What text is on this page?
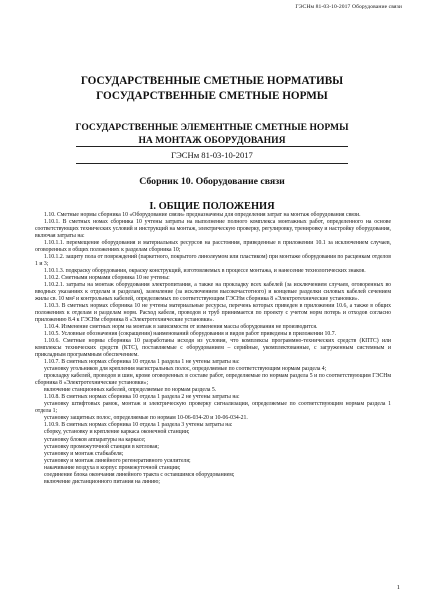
ГЭСНм 81-03-10-2017 Оборудование связи
ГОСУДАРСТВЕННЫЕ СМЕТНЫЕ НОРМАТИВЫ
ГОСУДАРСТВЕННЫЕ СМЕТНЫЕ НОРМЫ
ГОСУДАРСТВЕННЫЕ ЭЛЕМЕНТНЫЕ СМЕТНЫЕ НОРМЫ
НА МОНТАЖ ОБОРУДОВАНИЯ
ГЭСНм 81-03-10-2017
Сборник 10. Оборудование связи
I. ОБЩИЕ ПОЛОЖЕНИЯ

1.10. Сметные нормы сборника 10 «Оборудование связи» предназначены для определения затрат на монтаж оборудования связи.

1.10.1. В сметных номах сборника 10 учтены затраты на выполнение полного комплекса монтажных работ, определенного на основе соответствующих технических условий и инструкций на монтаж, электрическую проверку, регулировку, тренировку и настройку оборудования, включая затраты на:

1.10.1.1. перемещение оборудования и материальных ресурсов на расстояния, приведенные в приложении 10.1 за исключением случаев, оговоренных в общих положениях к разделам сборника 10;

1.10.1.2. защиту пола от повреждений (паркетного, покрытого линолеумом или пластиком) при монтаже оборудования по расценкам отделов 1 и 3;

1.10.1.3. подкраску оборудования, окраску конструкций, изготовляемых в процессе монтажа, и нанесение технологических знаков.

1.10.2. Сметными нормами сборника 10 не учтены:

1.10.2.1. затраты на монтаж оборудования электропитания, а также на прокладку всех кабелей (за исключением случаев, оговоренных во вводных указаниях к отделам и разделам), заземление (за исключением высокочастотного) и концевые разделки силовых кабелей сечением жилы св. 10 мм² и контрольных кабелей, определяемых по соответствующим ГЭСНм сборника 8 «Электротехнические установки».

1.10.3. В сметных нормах сборника 10 не учтены материальные ресурсы, перечень которых приведен в приложении 10.6, а также в общих положениях к отделам и разделам норм. Расход кабеля, проводов и труб принимается по проекту с учетом норм потерь и отходов согласно приложению 8.4 к ГЭСНм сборника 8 «Электротехнические установки».

1.10.4. Изменение сметных норм на монтаж в зависимости от изменения массы оборудования не производится.

1.10.5. Условные обозначения (сокращения) наименований оборудования и видов работ приведены в приложении 10.7.

1.10.6. Сметные нормы сборника 10 разработаны исходя из условия, что комплексы программно-технических средств (КПТС) или комплексы технических средств (КТС), поставляемые с оборудованием – серийные, укомплектованные, с загруженным системным и прикладным программным обеспечением.

1.10.7. В сметных нормах сборника 10 отдела 1 раздела 1 не учтены затраты на:

установку угольников для крепления магистральных полос, определяемые по соответствующим нормам раздела 4;

прокладку кабелей, проводов и шин, кроме оговоренных в составе работ, определяемые по нормам раздела 5 и по соответствующим ГЭСНм сборника 8 «Электротехнические установки»;

включение станционных кабелей, определяемые по нормам раздела 5.

1.10.8. В сметных нормах сборника 10 отдела 1 раздела 2 не учтены затраты на:

установку штифтовых рамок, монтаж и электрическую проверку сигнализации, определяемые по соответствующим нормам раздела 1 отдела 1;

установку защитных полос, определяемые по нормам 10-06-034-20 и 10-06-034-21.

1.10.9. В сметных нормах сборника 10 отдела 1 раздела 3 учтены затраты на:

сборку, установку и крепление каркаса оконечной станции;

установку блоков аппаратуры на каркасе;

установку промежуточной станции в котловая;

установку и монтаж стабкабеля;

установку и монтаж линейного регенеративного усилителя;

накачивание воздуха в корпус промежуточной станции;

соединение блока окончания линейного тракта с оставшимся оборудованием;

включение дистанционного питания на линию;

1
